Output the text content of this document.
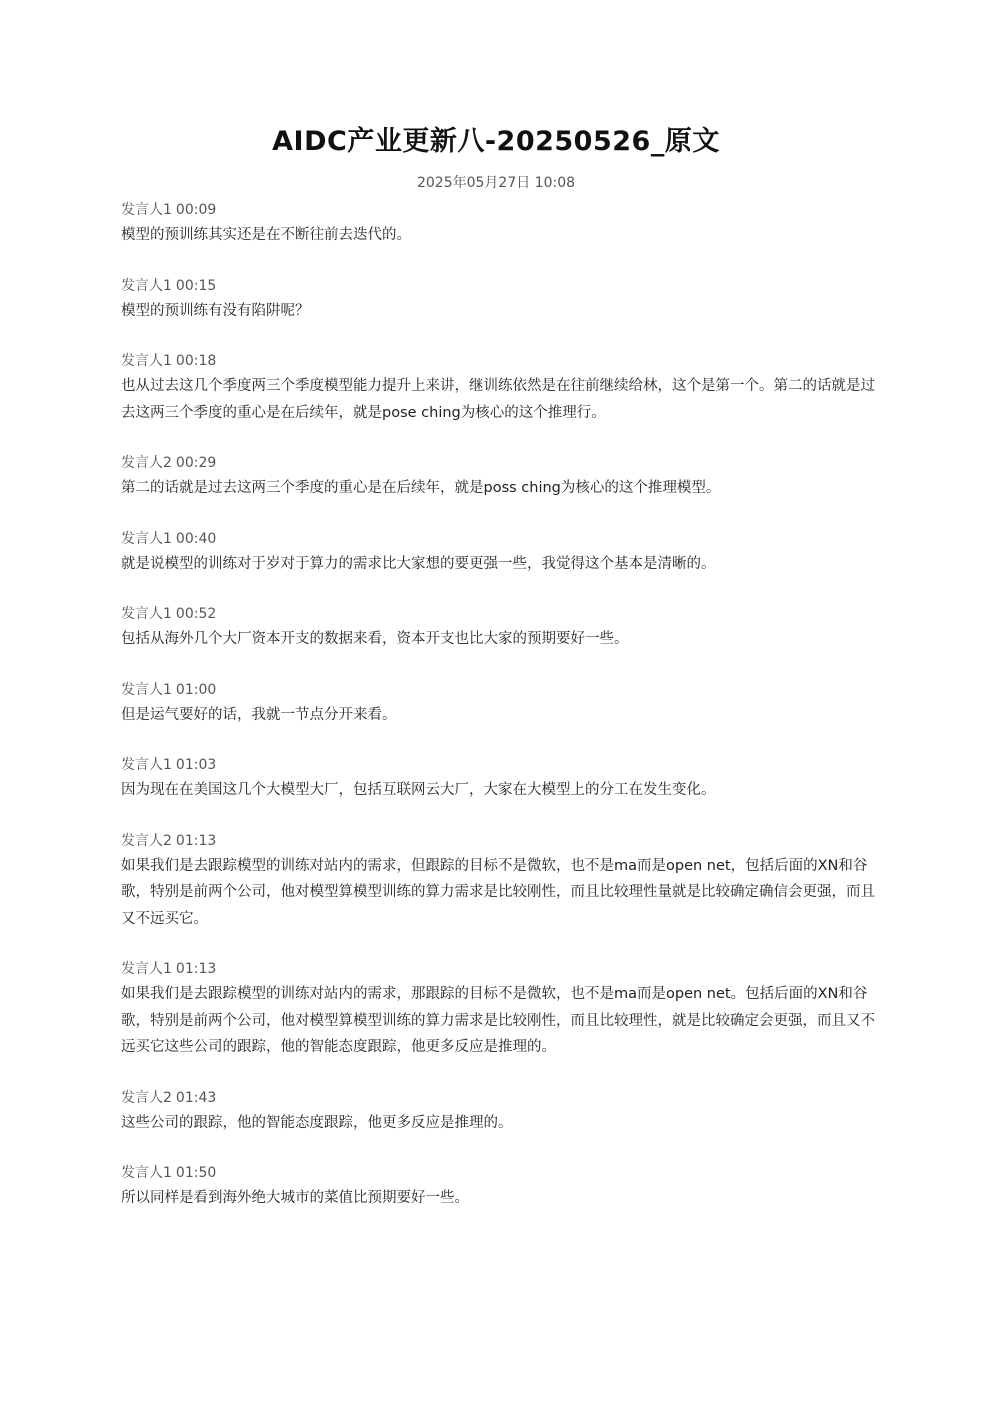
AIDC产业更新八-20250526_原文
2025年05月27日 10:08
发言人1 00:09
模型的预训练其实还是在不断往前去迭代的。
发言人1 00:15
模型的预训练有没有陷阱呢？
发言人1 00:18
也从过去这几个季度两三个季度模型能力提升上来讲，继训练依然是在往前继续给林，这个是第一个。第二的话就是过去这两三个季度的重心是在后续年，就是pose ching为核心的这个推理行。
发言人2 00:29
第二的话就是过去这两三个季度的重心是在后续年，就是poss ching为核心的这个推理模型。
发言人1 00:40
就是说模型的训练对于岁对于算力的需求比大家想的要更强一些，我觉得这个基本是清晰的。
发言人1 00:52
包括从海外几个大厂资本开支的数据来看，资本开支也比大家的预期要好一些。
发言人1 01:00
但是运气要好的话，我就一节点分开来看。
发言人1 01:03
因为现在在美国这几个大模型大厂，包括互联网云大厂，大家在大模型上的分工在发生变化。
发言人2 01:13
如果我们是去跟踪模型的训练对站内的需求，但跟踪的目标不是微软，也不是ma而是open net，包括后面的XN和谷歌，特别是前两个公司，他对模型算模型训练的算力需求是比较刚性，而且比较理性量就是比较确定确信会更强，而且又不远买它。
发言人1 01:13
如果我们是去跟踪模型的训练对站内的需求，那跟踪的目标不是微软，也不是ma而是open net。包括后面的XN和谷歌，特别是前两个公司，他对模型算模型训练的算力需求是比较刚性，而且比较理性，就是比较确定会更强，而且又不远买它这些公司的跟踪，他的智能态度跟踪，他更多反应是推理的。
发言人2 01:43
这些公司的跟踪，他的智能态度跟踪，他更多反应是推理的。
发言人1 01:50
所以同样是看到海外绝大城市的菜值比预期要好一些。
